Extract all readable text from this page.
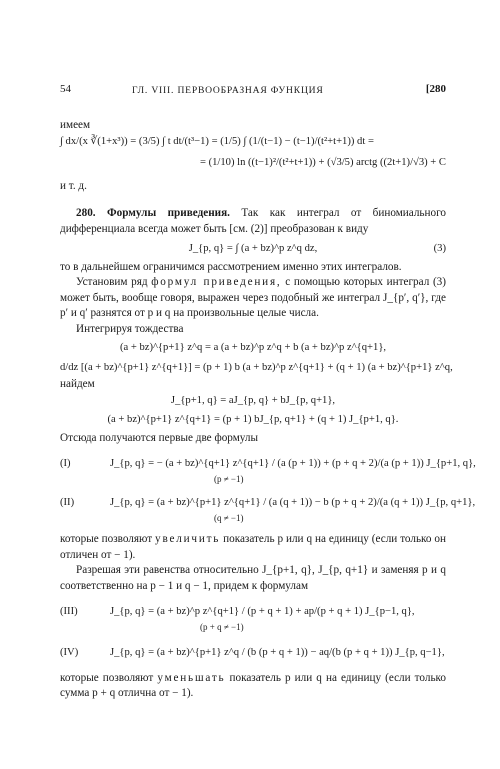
54	ГЛ. VIII. ПЕРВООБРАЗНАЯ ФУНКЦИЯ	[280
имеем
∫ dx/(x ∛(1+x³)) = (3/5) ∫ t dt/(t³−1) = (1/5) ∫ (1/(t−1) − (t−1)/(t²+t+1)) dt =
= (1/10) ln ((t−1)²/(t²+t+1)) + (√3/5) arctg ((2t+1)/√3) + C
и т. д.

280. Формулы приведения. Так как интеграл от биномиального дифференциала всегда может быть [см. (2)] преобразован к виду

J_{p, q} = ∫ (a + bz)^p z^q dz,	(3)

то в дальнейшем ограничимся рассмотрением именно этих интегралов.

Установим ряд формул приведения, с помощью которых интеграл (3) может быть, вообще говоря, выражен через подобный же интеграл J_{p′, q′}, где p′ и q′ разнятся от p и q на произвольные целые числа.

Интегрируя тождества

(a + bz)^{p+1} z^q = a (a + bz)^p z^q + b (a + bz)^p z^{q+1},
d/dz [(a + bz)^{p+1} z^{q+1}] = (p + 1) b (a + bz)^p z^{q+1} + (q + 1) (a + bz)^{p+1} z^q,
найдем
J_{p+1, q} = aJ_{p, q} + bJ_{p, q+1},
(a + bz)^{p+1} z^{q+1} = (p + 1) bJ_{p, q+1} + (q + 1) J_{p+1, q}.

Отсюда получаются первые две формулы

(I)	J_{p, q} = − (a + bz)^{q+1} z^{q+1} / (a (p + 1)) + (p + q + 2)/(a (p + 1)) J_{p+1, q},
(p ≠ −1)
(II)	J_{p, q} = (a + bz)^{p+1} z^{q+1} / (a (q + 1)) − b (p + q + 2)/(a (q + 1)) J_{p, q+1},
(q ≠ −1)

которые позволяют увеличить показатель p или q на единицу (если только он отличен от − 1).

Разрешая эти равенства относительно J_{p+1, q}, J_{p, q+1} и заменяя p и q соответственно на p − 1 и q − 1, придем к формулам

(III)	J_{p, q} = (a + bz)^p z^{q+1} / (p + q + 1) + ap/(p + q + 1) J_{p−1, q},
(p + q ≠ −1)
(IV)	J_{p, q} = (a + bz)^{p+1} z^q / (b (p + q + 1)) − aq/(b (p + q + 1)) J_{p, q−1},

которые позволяют уменьшать показатель p или q на единицу (если только сумма p + q отлична от − 1).
